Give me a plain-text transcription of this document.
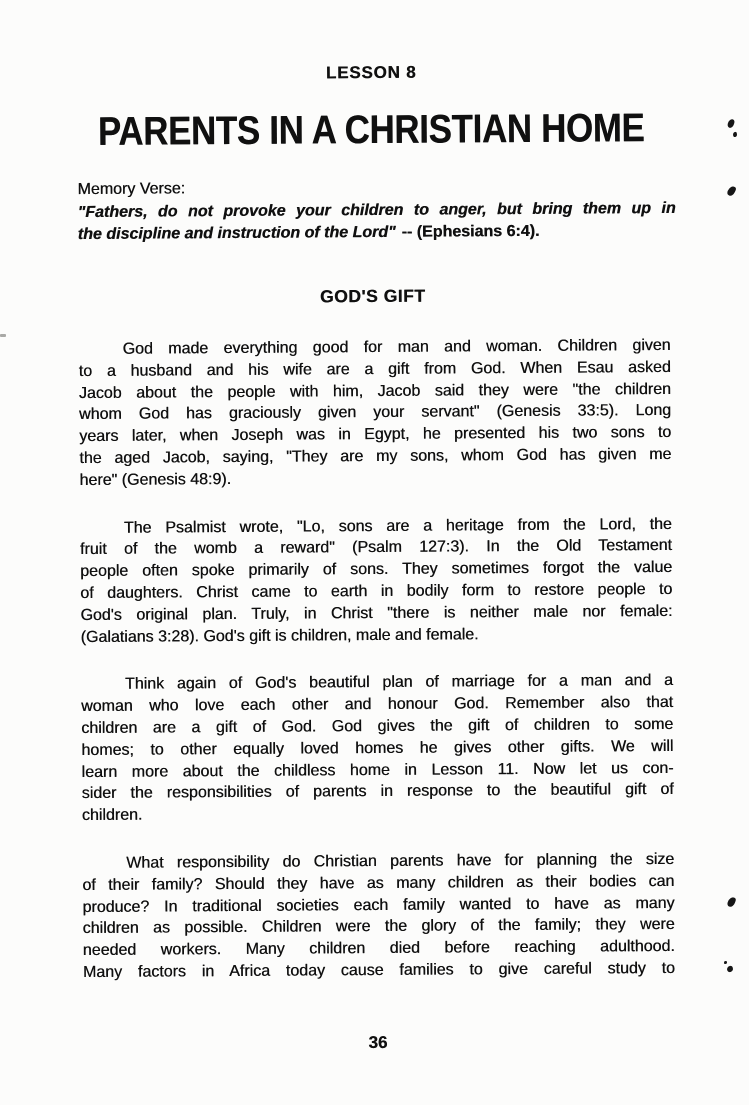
LESSON 8
PARENTS IN A CHRISTIAN HOME
Memory Verse:
"Fathers, do not provoke your children to anger, but bring them up in
the discipline and instruction of the Lord" -- (Ephesians 6:4).
GOD'S GIFT
God made everything good for man and woman. Children given
to a husband and his wife are a gift from God. When Esau asked
Jacob about the people with him, Jacob said they were "the children
whom God has graciously given your servant" (Genesis 33:5). Long
years later, when Joseph was in Egypt, he presented his two sons to
the aged Jacob, saying, "They are my sons, whom God has given me
here" (Genesis 48:9).
The Psalmist wrote, "Lo, sons are a heritage from the Lord, the
fruit of the womb a reward" (Psalm 127:3). In the Old Testament
people often spoke primarily of sons. They sometimes forgot the value
of daughters. Christ came to earth in bodily form to restore people to
God's original plan. Truly, in Christ "there is neither male nor female:
(Galatians 3:28). God's gift is children, male and female.
Think again of God's beautiful plan of marriage for a man and a
woman who love each other and honour God. Remember also that
children are a gift of God. God gives the gift of children to some
homes; to other equally loved homes he gives other gifts. We will
learn more about the childless home in Lesson 11. Now let us con-
sider the responsibilities of parents in response to the beautiful gift of
children.
What responsibility do Christian parents have for planning the size
of their family? Should they have as many children as their bodies can
produce? In traditional societies each family wanted to have as many
children as possible. Children were the glory of the family; they were
needed workers. Many children died before reaching adulthood.
Many factors in Africa today cause families to give careful study to
36
